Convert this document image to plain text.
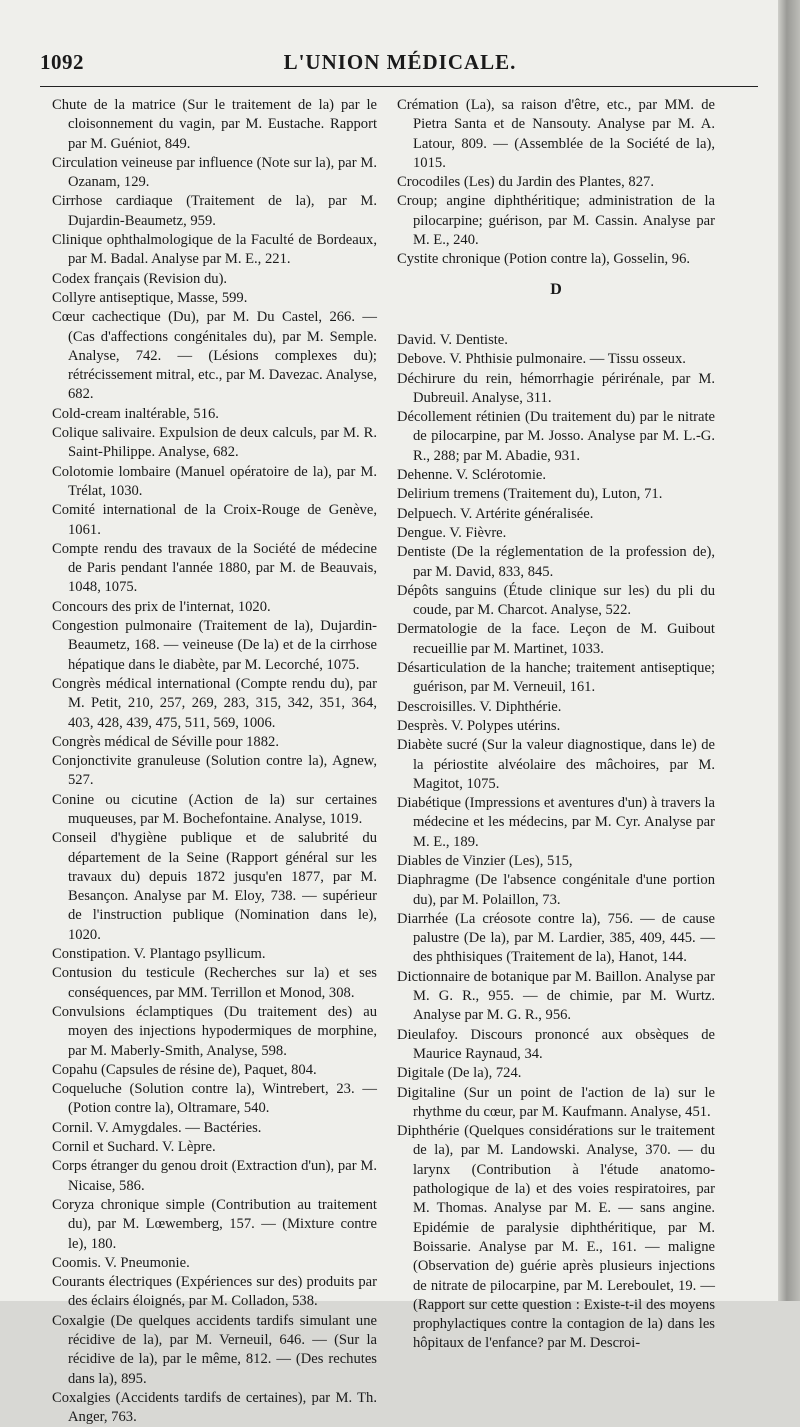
1092	L'UNION MÉDICALE.

Chute de la matrice (Sur le traitement de la) par le cloisonnement du vagin, par M. Eustache. Rapport par M. Guéniot, 849.

Circulation veineuse par influence (Note sur la), par M. Ozanam, 129.

Cirrhose cardiaque (Traitement de la), par M. Dujardin-Beaumetz, 959.

Clinique ophthalmologique de la Faculté de Bordeaux, par M. Badal. Analyse par M. E., 221.

Codex français (Revision du).

Collyre antiseptique, Masse, 599.

Cœur cachectique (Du), par M. Du Castel, 266. — (Cas d'affections congénitales du), par M. Semple. Analyse, 742. — (Lésions complexes du); rétrécissement mitral, etc., par M. Davezac. Analyse, 682.

Cold-cream inaltérable, 516.

Colique salivaire. Expulsion de deux calculs, par M. R. Saint-Philippe. Analyse, 682.

Colotomie lombaire (Manuel opératoire de la), par M. Trélat, 1030.

Comité international de la Croix-Rouge de Genève, 1061.

Compte rendu des travaux de la Société de médecine de Paris pendant l'année 1880, par M. de Beauvais, 1048, 1075.

Concours des prix de l'internat, 1020.

Congestion pulmonaire (Traitement de la), Dujardin-Beaumetz, 168. — veineuse (De la) et de la cirrhose hépatique dans le diabète, par M. Lecorché, 1075.

Congrès médical international (Compte rendu du), par M. Petit, 210, 257, 269, 283, 315, 342, 351, 364, 403, 428, 439, 475, 511, 569, 1006.

Congrès médical de Séville pour 1882.

Conjonctivite granuleuse (Solution contre la), Agnew, 527.

Conine ou cicutine (Action de la) sur certaines muqueuses, par M. Bochefontaine. Analyse, 1019.

Conseil d'hygiène publique et de salubrité du département de la Seine (Rapport général sur les travaux du) depuis 1872 jusqu'en 1877, par M. Besançon. Analyse par M. Eloy, 738. — supérieur de l'instruction publique (Nomination dans le), 1020.

Constipation. V. Plantago psyllicum.

Contusion du testicule (Recherches sur la) et ses conséquences, par MM. Terrillon et Monod, 308.

Convulsions éclamptiques (Du traitement des) au moyen des injections hypodermiques de morphine, par M. Maberly-Smith, Analyse, 598.

Copahu (Capsules de résine de), Paquet, 804.

Coqueluche (Solution contre la), Wintrebert, 23. — (Potion contre la), Oltramare, 540.

Cornil. V. Amygdales. — Bactéries.

Cornil et Suchard. V. Lèpre.

Corps étranger du genou droit (Extraction d'un), par M. Nicaise, 586.

Coryza chronique simple (Contribution au traitement du), par M. Lœwemberg, 157. — (Mixture contre le), 180.

Coomis. V. Pneumonie.

Courants électriques (Expériences sur des) produits par des éclairs éloignés, par M. Colladon, 538.

Coxalgie (De quelques accidents tardifs simulant une récidive de la), par M. Verneuil, 646. — (Sur la récidive de la), par le même, 812. — (Des rechutes dans la), 895.

Coxalgies (Accidents tardifs de certaines), par M. Th. Anger, 763.

Crémation (La), sa raison d'être, etc., par MM. de Pietra Santa et de Nansouty. Analyse par M. A. Latour, 809. — (Assemblée de la Société de la), 1015.

Crocodiles (Les) du Jardin des Plantes, 827.

Croup; angine diphthéritique; administration de la pilocarpine; guérison, par M. Cassin. Analyse par M. E., 240.

Cystite chronique (Potion contre la), Gosselin, 96.

D

David. V. Dentiste.

Debove. V. Phthisie pulmonaire. — Tissu osseux.

Déchirure du rein, hémorrhagie périrénale, par M. Dubreuil. Analyse, 311.

Décollement rétinien (Du traitement du) par le nitrate de pilocarpine, par M. Josso. Analyse par M. L.-G. R., 288; par M. Abadie, 931.

Dehenne. V. Sclérotomie.

Delirium tremens (Traitement du), Luton, 71.

Delpuech. V. Artérite généralisée.

Dengue. V. Fièvre.

Dentiste (De la réglementation de la profession de), par M. David, 833, 845.

Dépôts sanguins (Étude clinique sur les) du pli du coude, par M. Charcot. Analyse, 522.

Dermatologie de la face. Leçon de M. Guibout recueillie par M. Martinet, 1033.

Désarticulation de la hanche; traitement antiseptique; guérison, par M. Verneuil, 161.

Descroisilles. V. Diphthérie.

Desprès. V. Polypes utérins.

Diabète sucré (Sur la valeur diagnostique, dans le) de la périostite alvéolaire des mâchoires, par M. Magitot, 1075.

Diabétique (Impressions et aventures d'un) à travers la médecine et les médecins, par M. Cyr. Analyse par M. E., 189.

Diables de Vinzier (Les), 515,

Diaphragme (De l'absence congénitale d'une portion du), par M. Polaillon, 73.

Diarrhée (La créosote contre la), 756. — de cause palustre (De la), par M. Lardier, 385, 409, 445. — des phthisiques (Traitement de la), Hanot, 144.

Dictionnaire de botanique par M. Baillon. Analyse par M. G. R., 955. — de chimie, par M. Wurtz. Analyse par M. G. R., 956.

Dieulafoy. Discours prononcé aux obsèques de Maurice Raynaud, 34.

Digitale (De la), 724.

Digitaline (Sur un point de l'action de la) sur le rhythme du cœur, par M. Kaufmann. Analyse, 451.

Diphthérie (Quelques considérations sur le traitement de la), par M. Landowski. Analyse, 370. — du larynx (Contribution à l'étude anatomo-pathologique de la) et des voies respiratoires, par M. Thomas. Analyse par M. E. — sans angine. Epidémie de paralysie diphthéritique, par M. Boissarie. Analyse par M. E., 161. — maligne (Observation de) guérie après plusieurs injections de nitrate de pilocarpine, par M. Lereboulet, 19. — (Rapport sur cette question : Existe-t-il des moyens prophylactiques contre la contagion de la) dans les hôpitaux de l'enfance? par M. Descroi-
